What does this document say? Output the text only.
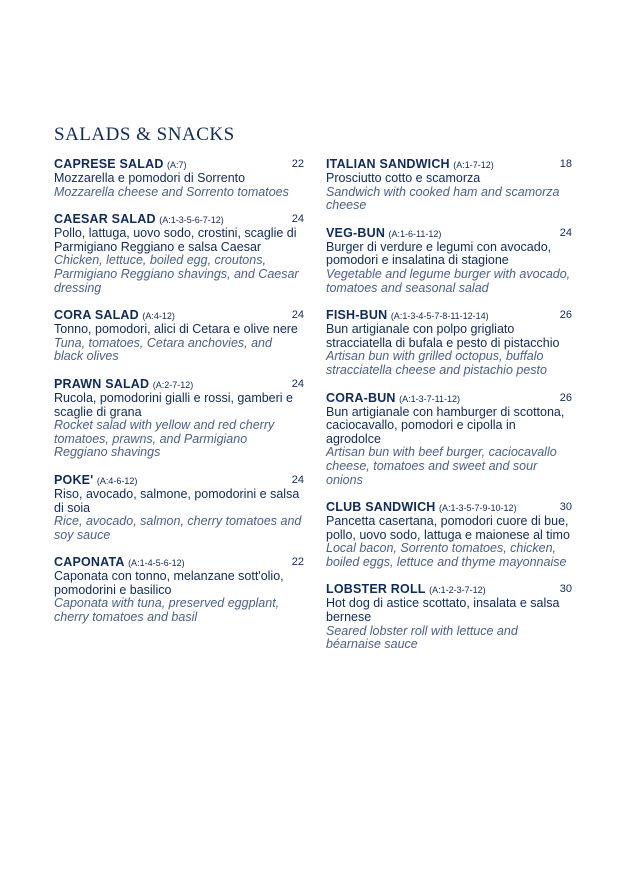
SALADS & SNACKS
CAPRESE SALAD (A:7)	22
Mozzarella e pomodori di Sorrento
Mozzarella cheese and Sorrento tomatoes
CAESAR SALAD (A:1-3-5-6-7-12)	24
Pollo, lattuga, uovo sodo, crostini, scaglie di Parmigiano Reggiano e salsa Caesar
Chicken, lettuce, boiled egg, croutons, Parmigiano Reggiano shavings, and Caesar dressing
CORA SALAD (A:4-12)	24
Tonno, pomodori, alici di Cetara e olive nere
Tuna, tomatoes, Cetara anchovies, and black olives
PRAWN SALAD (A:2-7-12)	24
Rucola, pomodorini gialli e rossi, gamberi e scaglie di grana
Rocket salad with yellow and red cherry tomatoes, prawns, and Parmigiano Reggiano shavings
POKE' (A:4-6-12)	24
Riso, avocado, salmone, pomodorini e salsa di soia
Rice, avocado, salmon, cherry tomatoes and soy sauce
CAPONATA (A:1-4-5-6-12)	22
Caponata con tonno, melanzane sott'olio, pomodorini e basilico
Caponata with tuna, preserved eggplant, cherry tomatoes and basil
ITALIAN SANDWICH (A:1-7-12)	18
Prosciutto cotto e scamorza
Sandwich with cooked ham and scamorza cheese
VEG-BUN (A:1-6-11-12)	24
Burger di verdure e legumi con avocado, pomodori e insalatina di stagione
Vegetable and legume burger with avocado, tomatoes and seasonal salad
FISH-BUN (A:1-3-4-5-7-8-11-12-14)	26
Bun artigianale con polpo grigliato stracciatella di bufala e pesto di pistacchio
Artisan bun with grilled octopus, buffalo stracciatella cheese and pistachio pesto
CORA-BUN (A:1-3-7-11-12)	26
Bun artigianale con hamburger di scottona, caciocavallo, pomodori e cipolla in agrodolce
Artisan bun with beef burger, caciocavallo cheese, tomatoes and sweet and sour onions
CLUB SANDWICH (A:1-3-5-7-9-10-12)	30
Pancetta casertana, pomodori cuore di bue, pollo, uovo sodo, lattuga e maionese al timo
Local bacon, Sorrento tomatoes, chicken, boiled eggs, lettuce and thyme mayonnaise
LOBSTER ROLL (A:1-2-3-7-12)	30
Hot dog di astice scottato, insalata e salsa bernese
Seared lobster roll with lettuce and béarnaise sauce
